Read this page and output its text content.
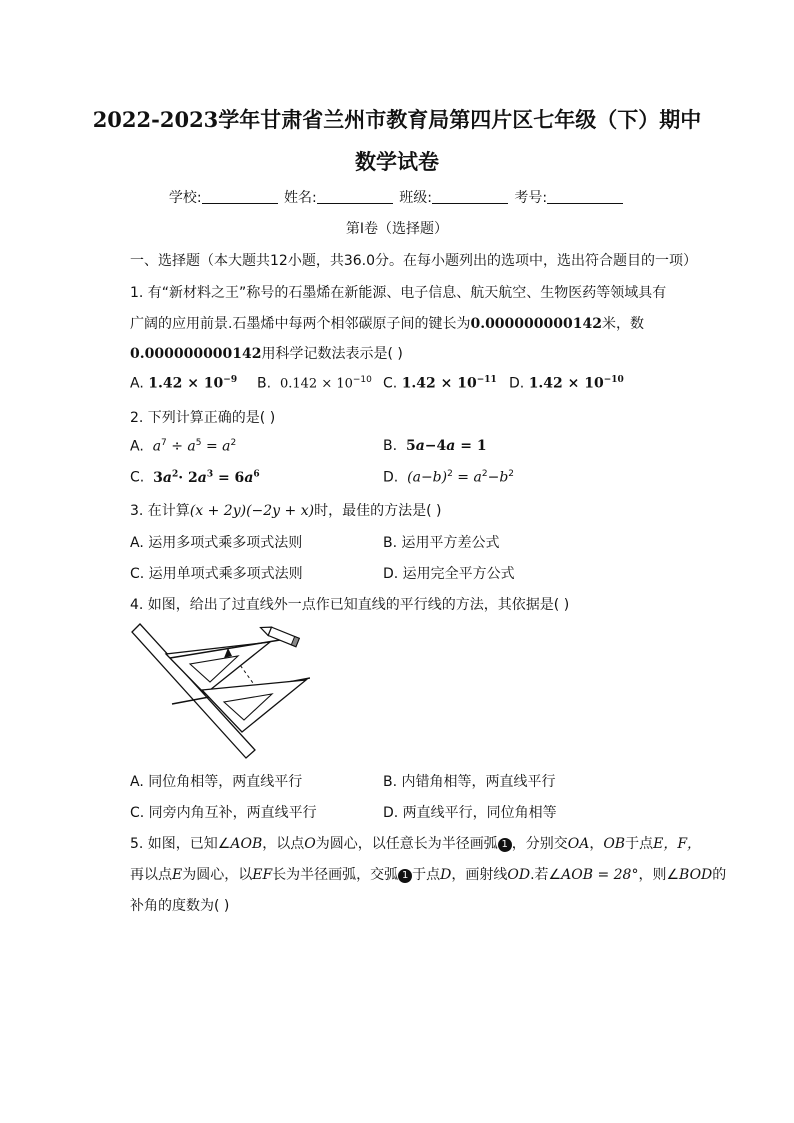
2022-2023学年甘肃省兰州市教育局第四片区七年级（下）期中
数学试卷
学校:	姓名:	班级:	考号:
第Ⅰ卷（选择题）
一、选择题（本大题共12小题，共36.0分。在每小题列出的选项中，选出符合题目的一项）
1. 有“新材料之王”称号的石墨烯在新能源、电子信息、航天航空、生物医药等领域具有
广阔的应用前景.石墨烯中每两个相邻碳原子间的键长为0.000000000142米，数
0.000000000142用科学记数法表示是( )
A. $1.42 \times 10^{-9}$ B. $0.142 \times 10^{-10}$ C. $1.42 \times 10^{-11}$ D. $1.42 \times 10^{-10}$
2. 下列计算正确的是( )
A.  $a^7 \div a^5 = a^2$	B.  5a−4a = 1
C.  $3a^2\cdot 2a^3 = 6a^6$	D.  $(a-b)^2 = a^2-b^2$
3. 在计算(x + 2y)(−2y + x)时，最佳的方法是( )
A. 运用多项式乘多项式法则	B. 运用平方差公式
C. 运用单项式乘多项式法则	D. 运用完全平方公式
4. 如图，给出了过直线外一点作已知直线的平行线的方法，其依据是( )
A. 同位角相等，两直线平行	B. 内错角相等，两直线平行
C. 同旁内角互补，两直线平行	D. 两直线平行，同位角相等
5. 如图，已知∠AOB，以点O为圆心，以任意长为半径画弧 1 ，分别交OA，OB于点E，F，
再以点E为圆心，以EF长为半径画弧，交弧 1 于点D，画射线OD.若∠AOB = 28°，则∠BOD的
补角的度数为( )
